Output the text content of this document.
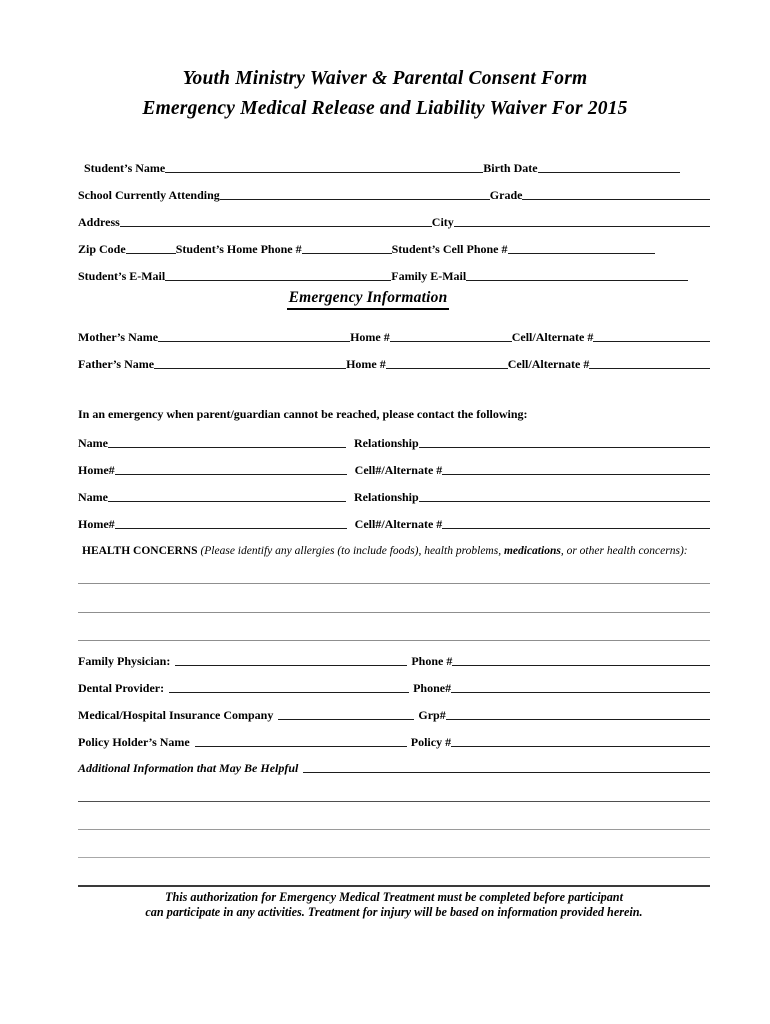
Youth Ministry Waiver & Parental Consent Form
Emergency Medical Release and Liability Waiver For 2015
Student’s Name	Birth Date
School Currently Attending	Grade
Address	City
Zip Code	Student’s Home Phone #	Student’s Cell Phone #
Student’s E-Mail	Family E-Mail
Emergency Information
Mother’s Name	Home #	Cell/Alternate #
Father’s Name	Home #	Cell/Alternate #
In an emergency when parent/guardian cannot be reached, please contact the following:
Name	Relationship
Home#	Cell#/Alternate #
Name	Relationship
Home#	Cell#/Alternate #
HEALTH CONCERNS (Please identify any allergies (to include foods), health problems, medications, or other health concerns):
Family Physician:	Phone #
Dental Provider:	Phone#
Medical/Hospital Insurance Company	Grp#
Policy Holder’s Name	Policy #
Additional Information that May Be Helpful
This authorization for Emergency Medical Treatment must be completed before participant
can participate in any activities. Treatment for injury will be based on information provided herein.
